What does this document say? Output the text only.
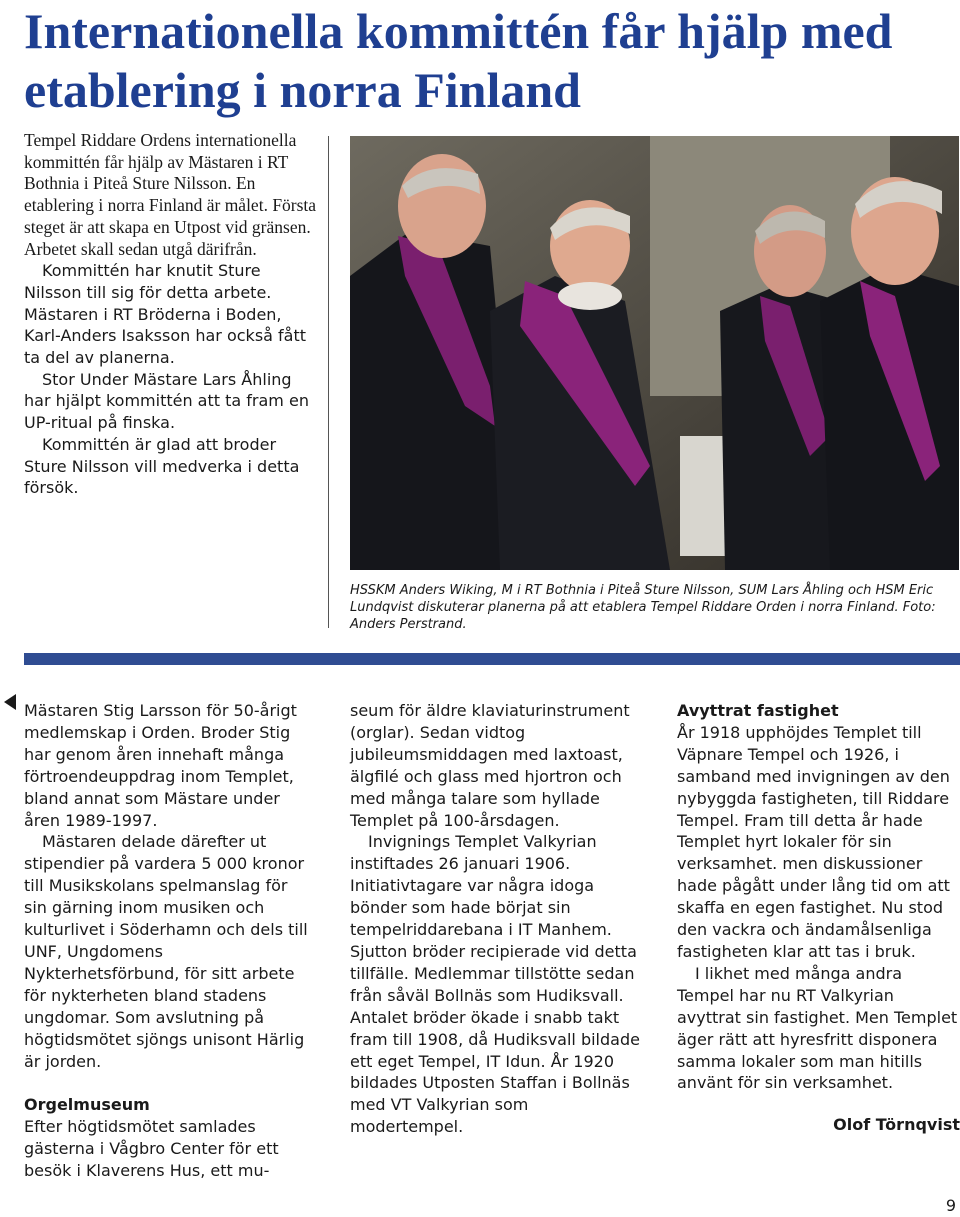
Internationella kommittén får hjälp med etablering i norra Finland

Tempel Riddare Ordens internationella kommittén får hjälp av Mästaren i RT Bothnia i Piteå Sture Nilsson. En etablering i norra Finland är målet. Första steget är att skapa en Utpost vid gränsen. Arbetet skall sedan utgå därifrån.

Kommittén har knutit Sture Nilsson till sig för detta arbete. Mästaren i RT Bröderna i Boden, Karl-Anders Isaksson har också fått ta del av planerna.

Stor Under Mästare Lars Åhling har hjälpt kommittén att ta fram en UP-ritual på finska.

Kommittén är glad att broder Sture Nilsson vill medverka i detta försök.

HSSKM Anders Wiking, M i RT Bothnia i Piteå Sture Nilsson, SUM Lars Åhling och HSM Eric Lundqvist diskuterar planerna på att etablera Tempel Riddare Orden i norra Finland. Foto: Anders Perstrand.

Mästaren Stig Larsson för 50-årigt medlemskap i Orden. Broder Stig har genom åren innehaft många förtroendeuppdrag inom Templet, bland annat som Mästare under åren 1989-1997.

Mästaren delade därefter ut stipendier på vardera 5 000 kronor till Musikskolans spelmanslag för sin gärning inom musiken och kulturlivet i Söderhamn och dels till UNF, Ungdomens Nykterhetsförbund, för sitt arbete för nykterheten bland stadens ungdomar. Som avslutning på högtidsmötet sjöngs unisont Härlig är jorden.

Orgelmuseum

Efter högtidsmötet samlades gästerna i Vågbro Center för ett besök i Klaverens Hus, ett mu-

seum för äldre klaviaturinstrument (orglar). Sedan vidtog jubileumsmiddagen med laxtoast, älgfilé och glass med hjortron och med många talare som hyllade Templet på 100-årsdagen.

Invignings Templet Valkyrian instiftades 26 januari 1906. Initiativtagare var några idoga bönder som hade börjat sin tempelriddarebana i IT Manhem. Sjutton bröder recipierade vid detta tillfälle. Medlemmar tillstötte sedan från såväl Bollnäs som Hudiksvall. Antalet bröder ökade i snabb takt fram till 1908, då Hudiksvall bildade ett eget Tempel, IT Idun. År 1920 bildades Utposten Staffan i Bollnäs med VT Valkyrian som modertempel.

Avyttrat fastighet

År 1918 upphöjdes Templet till Väpnare Tempel och 1926, i samband med invigningen av den nybyggda fastigheten, till Riddare Tempel. Fram till detta år hade Templet hyrt lokaler för sin verksamhet. men diskussioner hade pågått under lång tid om att skaffa en egen fastighet. Nu stod den vackra och ändamålsenliga fastigheten klar att tas i bruk.

I likhet med många andra Tempel har nu RT Valkyrian avyttrat sin fastighet. Men Templet äger rätt att hyresfritt disponera samma lokaler som man hitills använt för sin verksamhet.

Olof Törnqvist

9
